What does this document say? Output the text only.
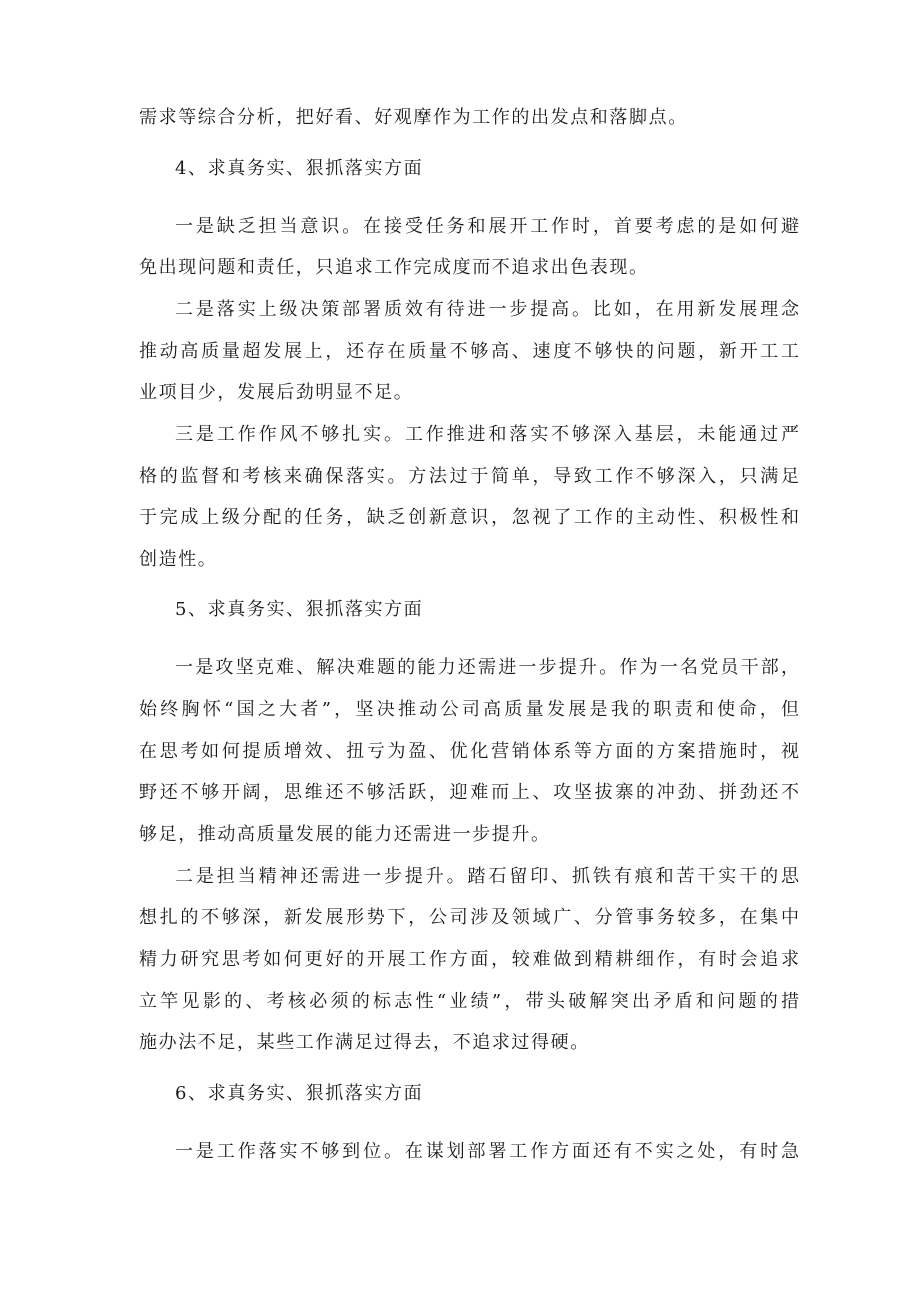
需求等综合分析，把好看、好观摩作为工作的出发点和落脚点。
4、求真务实、狠抓落实方面
一是缺乏担当意识。在接受任务和展开工作时，首要考虑的是如何避
免出现问题和责任，只追求工作完成度而不追求出色表现。
二是落实上级决策部署质效有待进一步提高。比如，在用新发展理念
推动高质量超发展上，还存在质量不够高、速度不够快的问题，新开工工
业项目少，发展后劲明显不足。
三是工作作风不够扎实。工作推进和落实不够深入基层，未能通过严
格的监督和考核来确保落实。方法过于简单，导致工作不够深入，只满足
于完成上级分配的任务，缺乏创新意识，忽视了工作的主动性、积极性和
创造性。
5、求真务实、狠抓落实方面
一是攻坚克难、解决难题的能力还需进一步提升。作为一名党员干部，
始终胸怀“国之大者”，坚决推动公司高质量发展是我的职责和使命，但
在思考如何提质增效、扭亏为盈、优化营销体系等方面的方案措施时，视
野还不够开阔，思维还不够活跃，迎难而上、攻坚拔寨的冲劲、拼劲还不
够足，推动高质量发展的能力还需进一步提升。
二是担当精神还需进一步提升。踏石留印、抓铁有痕和苦干实干的思
想扎的不够深，新发展形势下，公司涉及领域广、分管事务较多，在集中
精力研究思考如何更好的开展工作方面，较难做到精耕细作，有时会追求
立竿见影的、考核必须的标志性“业绩”，带头破解突出矛盾和问题的措
施办法不足，某些工作满足过得去，不追求过得硬。
6、求真务实、狠抓落实方面
一是工作落实不够到位。在谋划部署工作方面还有不实之处，有时急
